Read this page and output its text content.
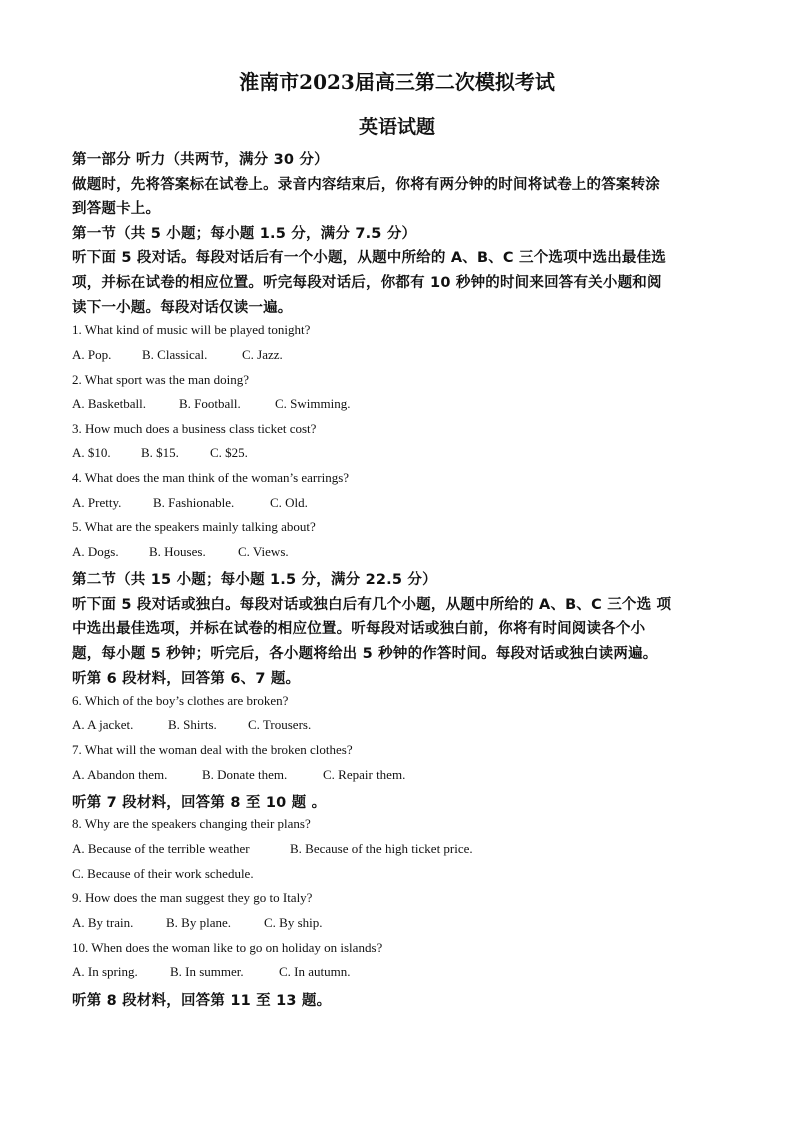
淮南市2023届高三第二次模拟考试
英语试题
第一部分 听力（共两节，满分 30 分）
做题时，先将答案标在试卷上。录音内容结束后，你将有两分钟的时间将试卷上的答案转涂
到答题卡上。
第一节（共 5 小题；每小题 1.5 分，满分 7.5 分）
听下面 5 段对话。每段对话后有一个小题，从题中所给的 A、B、C 三个选项中选出最佳选
项，并标在试卷的相应位置。听完每段对话后，你都有 10 秒钟的时间来回答有关小题和阅
读下一小题。每段对话仅读一遍。
1. What kind of music will be played tonight?
A. Pop. B. Classical.	C. Jazz.
2. What sport was the man doing?
A. Basketball.	B. Football.	C. Swimming.
3. How much does a business class ticket cost?
A. $10. B. $15. C. $25.
4. What does the man think of the woman’s earrings?
A. Pretty. B. Fashionable.	C. Old.
5. What are the speakers mainly talking about?
A. Dogs. B. Houses. C. Views.
第二节（共 15 小题；每小题 1.5 分，满分 22.5 分）
听下面 5 段对话或独白。每段对话或独白后有几个小题，从题中所给的 A、B、C 三个选 项
中选出最佳选项，并标在试卷的相应位置。听每段对话或独白前，你将有时间阅读各个小
题，每小题 5 秒钟；听完后，各小题将给出 5 秒钟的作答时间。每段对话或独白读两遍。
听第 6 段材料，回答第 6、7 题。
6. Which of the boy’s clothes are broken?
A. A jacket.	B. Shirts. C. Trousers.
7. What will the woman deal with the broken clothes?
A. Abandon them.	B. Donate them.	C. Repair them.
听第 7 段材料，回答第 8 至 10 题 。
8. Why are the speakers changing their plans?
A. Because of the terrible weather	B. Because of the high ticket price.
C. Because of their work schedule.
9. How does the man suggest they go to Italy?
A. By train.	B. By plane.	C. By ship.
10. When does the woman like to go on holiday on islands?
A. In spring. B. In summer.	C. In autumn.
听第 8 段材料，回答第 11 至 13 题。
